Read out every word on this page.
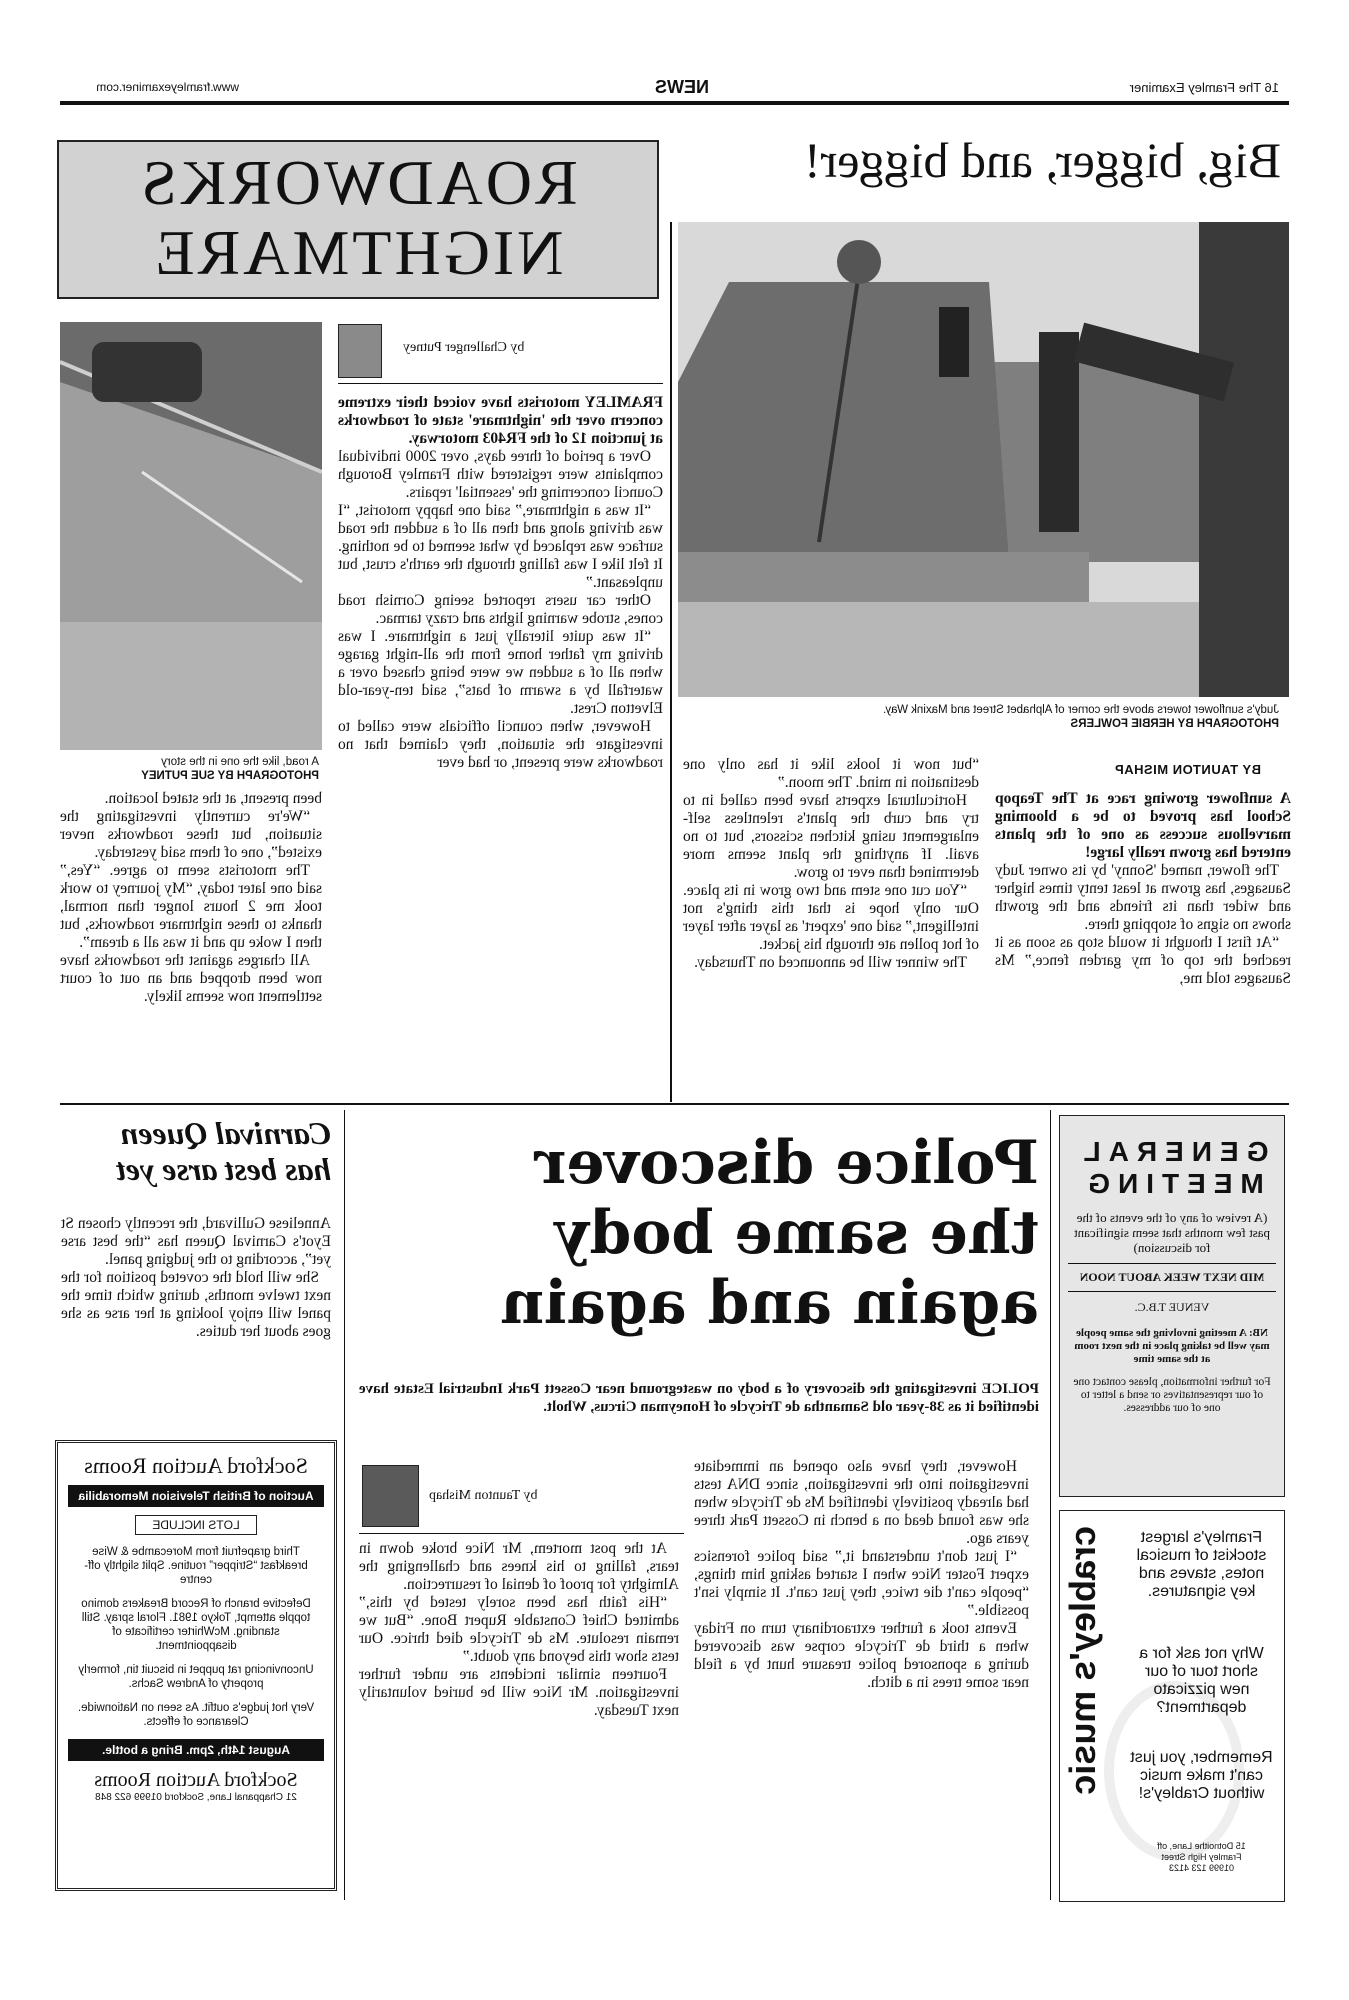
16 The Framley Examiner
NEWS
www.framleyexaminer.com
Big, bigger, and bigger!
Judy's sunflower towers above the corner of Alphabet Street and Maxink Way.
PHOTOGRAPH BY HERBIE FOWLERS
BY TAUNTON MISHAP

A sunflower growing race at The Teapop School has proved to be a blooming marvellous success as one of the plants entered has grown really large!

The flower, named 'Sonny' by its owner Judy Sausages, has grown at least tenty times higher and wider than its friends and the growth shows no signs of stopping there.

“At first I thought it would stop as soon as it reached the top of my garden fence,” Ms Sausages told me,

“but now it looks like it has only one destination in mind. The moon.”

Horticultural experts have been called in to try and curb the plant's relentless self-enlargement using kitchen scissors, but to no avail. If anything the plant seems more determined than ever to grow.

“You cut one stem and two grow in its place. Our only hope is that this thing's not intelligent,” said one 'expert' as layer after layer of hot pollen ate through his jacket.

The winner will be announced on Thursday.

ROADWORKS
NIGHTMARE
by Challenger Putney

FRAMLEY motorists have voiced their extreme concern over the 'nightmare' state of roadworks at junction 12 of the FR403 motorway.

Over a period of three days, over 2000 individual complaints were registered with Framley Borough Council concerning the 'essential' repairs.

“It was a nightmare,” said one happy motorist, “I was driving along and then all of a sudden the road surface was replaced by what seemed to be nothing. It felt like I was falling through the earth's crust, but unpleasant.”

Other car users reported seeing Cornish road cones, strobe warning lights and crazy tarmac.

“It was quite literally just a nightmare. I was driving my father home from the all-night garage when all of a sudden we were being chased over a waterfall by a swarm of bats”, said ten-year-old Elvetton Crest.

However, when council officials were called to investigate the situation, they claimed that no roadworks were present, or had ever

A road, like the one in the story
PHOTOGRAPH BY SUE PUTNEY

been present, at the stated location.

“We're currently investigating the situation, but these roadworks never existed”, one of them said yesterday.

The motorists seem to agree. “Yes,” said one later today, “My journey to work took me 2 hours longer than normal, thanks to these nightmare roadworks, but then I woke up and it was all a dream”.

All charges against the roadworks have now been dropped and an out of court settlement now seems likely.

GENERAL
MEETING
(A review of any of the events of the past few months that seem significant for discussion)
MID NEXT WEEK ABOUT NOON
VENUE T.B.C.
NB: A meeting involving the same people may well be taking place in the next room at the same time
For further information, please contact one of our representatives or send a letter to one of our addresses.
crabley's music	Framley's largest stockist of musical notes, staves and key signatures.
Why not ask for a short tour of our new pizzicato department?
Remember, you just can't make music without Crabley's!
15 Dotnoithe Lane, off
Framley High Street
01999 123 4123
Police discover
the same body
again and again
POLICE investigating the discovery of a body on wasteground near Cossett Park Industrial Estate have identified it as 38-year old Samantha de Tricycle of Honeyman Circus, Wholt.

However, they have also opened an immediate investigation into the investigation, since DNA tests had already positively identified Ms de Tricycle when she was found dead on a bench in Cossett Park three years ago.

“I just don't understand it,” said police forensics expert Foster Nice when I started asking him things, “people can't die twice, they just can't. It simply isn't possible.”

Events took a further extraordinary turn on Friday when a third de Tricycle corpse was discovered during a sponsored police treasure hunt by a field near some trees in a ditch.

by Taunton Mishap

At the post mortem, Mr Nice broke down in tears, falling to his knees and challenging the Almighty for proof of denial of resurrection.

“His faith has been sorely tested by this,” admitted Chief Constable Rupert Bone. “But we remain resolute. Ms de Tricycle died thrice. Our tests show this beyond any doubt.”

Fourteen similar incidents are under further investigation. Mr Nice will be buried voluntarily next Tuesday.

Carnival Queen
has best arse yet

Anneliese Gullivard, the recently chosen St Eyot's Carnival Queen has “the best arse yet”, according to the judging panel.

She will hold the coveted position for the next twelve months, during which time the panel will enjoy looking at her arse as she goes about her duties.

Sockford Auction Rooms
Auction of British Television Memorabilia
LOTS INCLUDE
Third grapefruit from Morecambe & Wise breakfast “Stripper” routine. Split slightly off-centre
Defective branch of Record Breakers domino topple attempt, Tokyo 1981. Floral spray. Still standing. McWhirter certificate of disappointment.
Unconvincing rat puppet in biscuit tin, formerly property of Andrew Sachs.
Very hot judge's outfit. As seen on Nationwide. Clearance of effects.
August 14th, 2pm. Bring a bottle.
Sockford Auction Rooms
21 Chappanal Lane, Sockford 01999 622 848
